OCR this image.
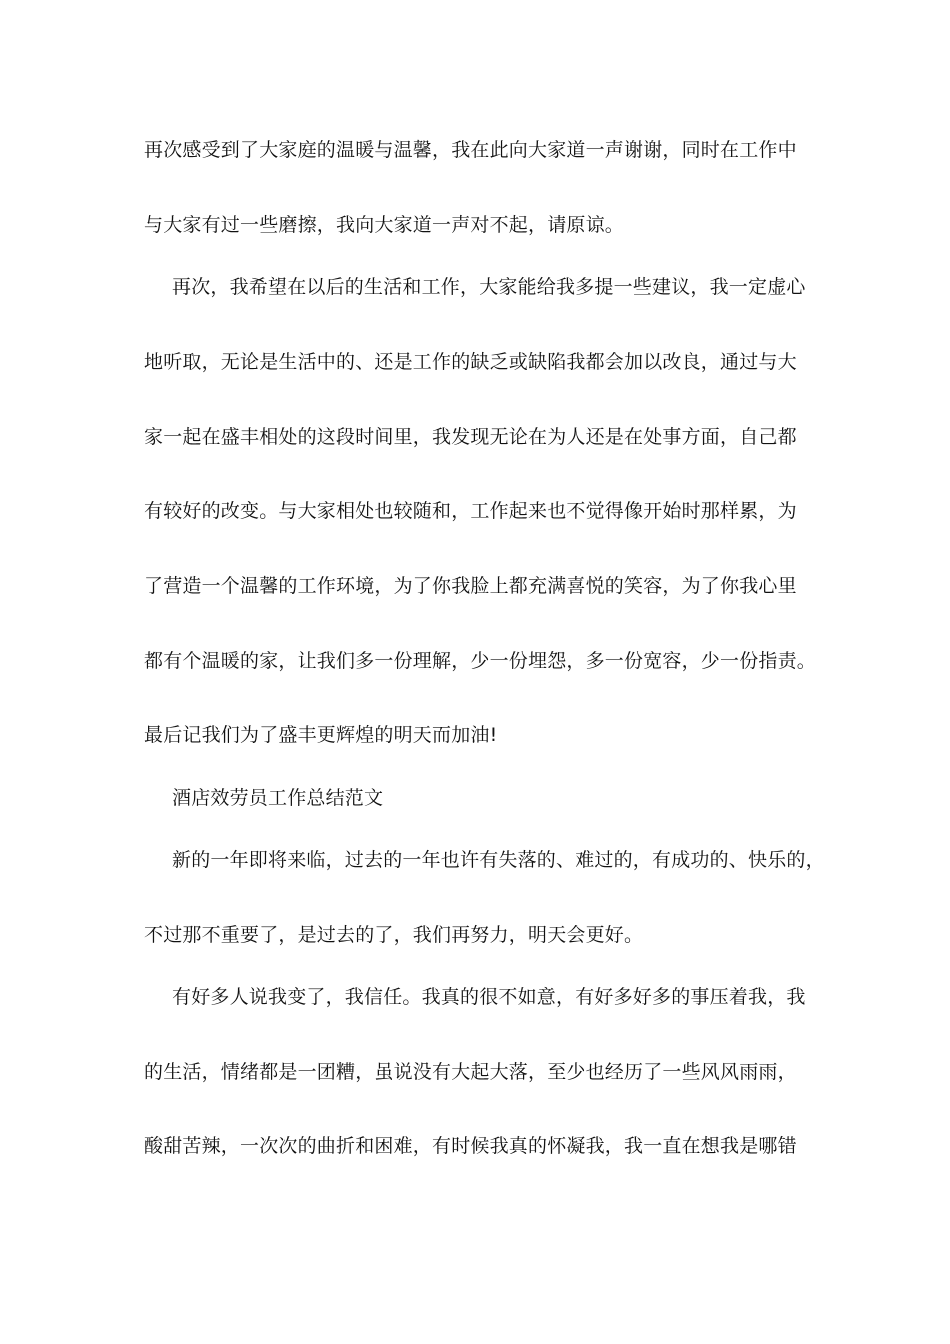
再次感受到了大家庭的温暖与温馨，我在此向大家道一声谢谢，同时在工作中
与大家有过一些磨擦，我向大家道一声对不起，请原谅。
再次，我希望在以后的生活和工作，大家能给我多提一些建议，我一定虚心
地听取，无论是生活中的、还是工作的缺乏或缺陷我都会加以改良，通过与大
家一起在盛丰相处的这段时间里，我发现无论在为人还是在处事方面，自己都
有较好的改变。与大家相处也较随和，工作起来也不觉得像开始时那样累，为
了营造一个温馨的工作环境，为了你我脸上都充满喜悦的笑容，为了你我心里
都有个温暖的家，让我们多一份理解，少一份埋怨，多一份宽容，少一份指责。
最后记我们为了盛丰更辉煌的明天而加油!
酒店效劳员工作总结范文
新的一年即将来临，过去的一年也许有失落的、难过的，有成功的、快乐的，
不过那不重要了，是过去的了，我们再努力，明天会更好。
有好多人说我变了，我信任。我真的很不如意，有好多好多的事压着我，我
的生活，情绪都是一团糟，虽说没有大起大落，至少也经历了一些风风雨雨，
酸甜苦辣，一次次的曲折和困难，有时候我真的怀凝我，我一直在想我是哪错
